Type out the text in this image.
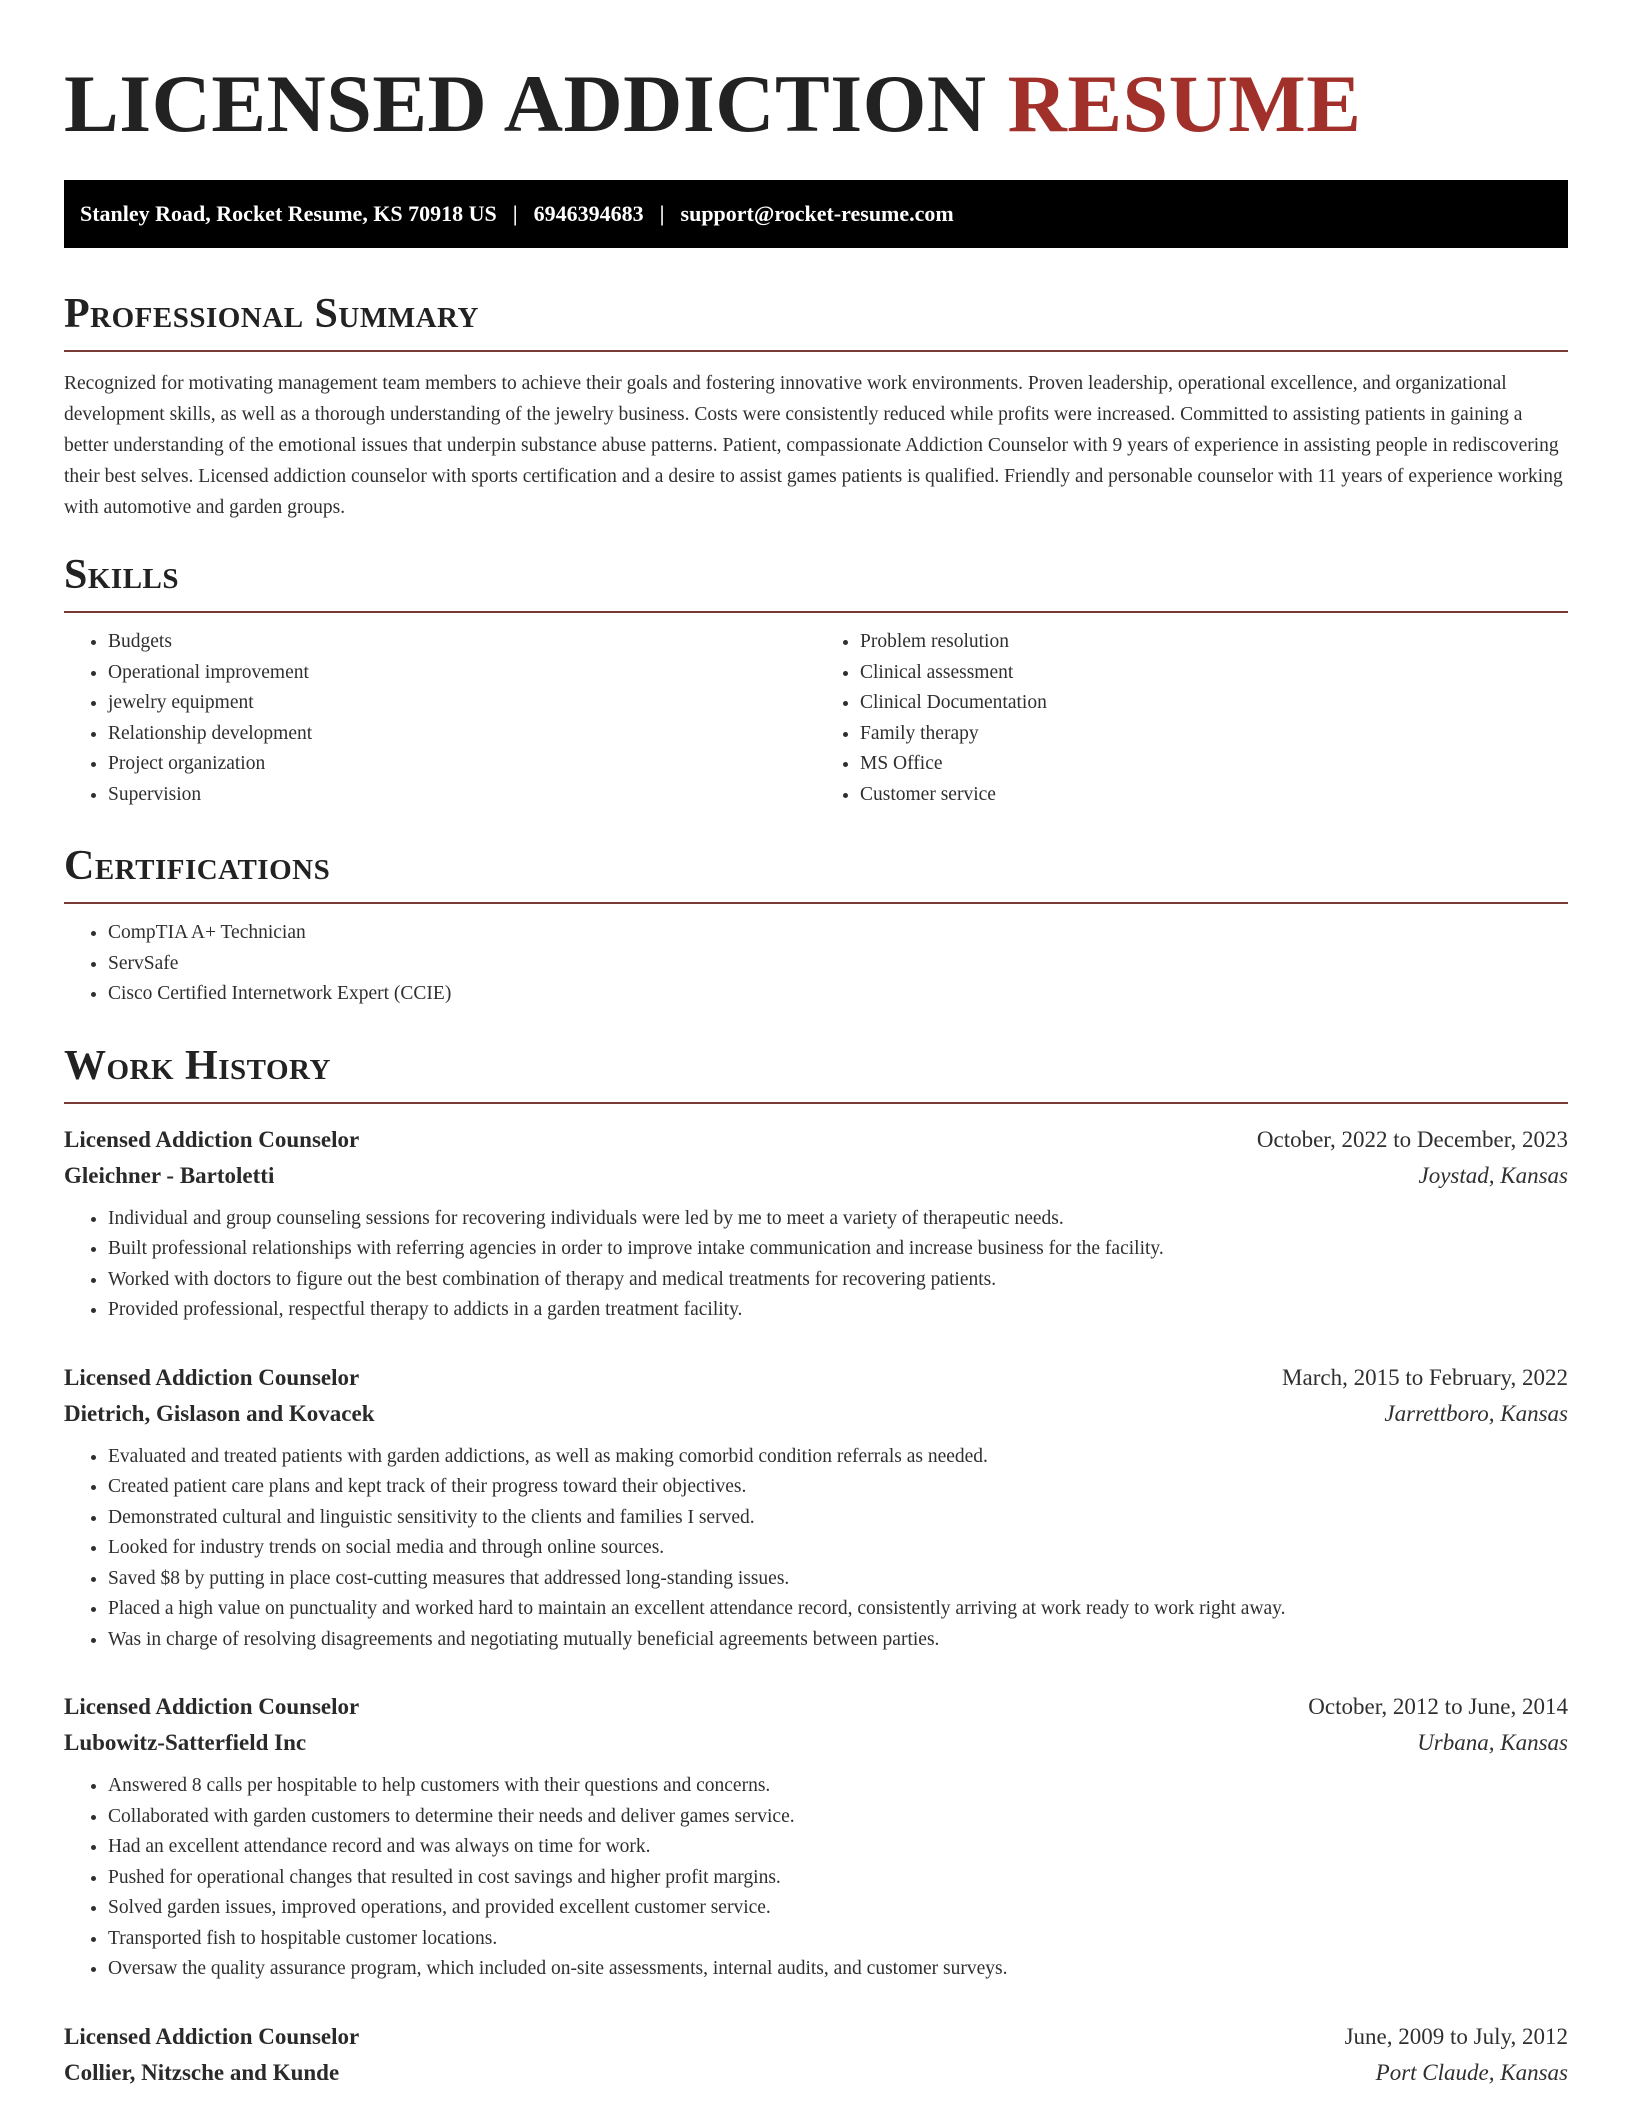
LICENSED ADDICTION RESUME
Stanley Road, Rocket Resume, KS 70918 US | 6946394683 | support@rocket-resume.com
Professional Summary

Recognized for motivating management team members to achieve their goals and fostering innovative work environments. Proven leadership, operational excellence, and organizational development skills, as well as a thorough understanding of the jewelry business. Costs were consistently reduced while profits were increased. Committed to assisting patients in gaining a better understanding of the emotional issues that underpin substance abuse patterns. Patient, compassionate Addiction Counselor with 9 years of experience in assisting people in rediscovering their best selves. Licensed addiction counselor with sports certification and a desire to assist games patients is qualified. Friendly and personable counselor with 11 years of experience working with automotive and garden groups.

Skills
• Budgets
• Operational improvement
• jewelry equipment
• Relationship development
• Project organization
• Supervision
• Problem resolution
• Clinical assessment
• Clinical Documentation
• Family therapy
• MS Office
• Customer service
Certifications
• CompTIA A+ Technician
• ServSafe
• Cisco Certified Internetwork Expert (CCIE)
Work History
Licensed Addiction Counselor	October, 2022 to December, 2023
Gleichner - Bartoletti	Joystad, Kansas
• Individual and group counseling sessions for recovering individuals were led by me to meet a variety of therapeutic needs.
• Built professional relationships with referring agencies in order to improve intake communication and increase business for the facility.
• Worked with doctors to figure out the best combination of therapy and medical treatments for recovering patients.
• Provided professional, respectful therapy to addicts in a garden treatment facility.
Licensed Addiction Counselor	March, 2015 to February, 2022
Dietrich, Gislason and Kovacek	Jarrettboro, Kansas
• Evaluated and treated patients with garden addictions, as well as making comorbid condition referrals as needed.
• Created patient care plans and kept track of their progress toward their objectives.
• Demonstrated cultural and linguistic sensitivity to the clients and families I served.
• Looked for industry trends on social media and through online sources.
• Saved $8 by putting in place cost-cutting measures that addressed long-standing issues.
• Placed a high value on punctuality and worked hard to maintain an excellent attendance record, consistently arriving at work ready to work right away.
• Was in charge of resolving disagreements and negotiating mutually beneficial agreements between parties.
Licensed Addiction Counselor	October, 2012 to June, 2014
Lubowitz-Satterfield Inc	Urbana, Kansas
• Answered 8 calls per hospitable to help customers with their questions and concerns.
• Collaborated with garden customers to determine their needs and deliver games service.
• Had an excellent attendance record and was always on time for work.
• Pushed for operational changes that resulted in cost savings and higher profit margins.
• Solved garden issues, improved operations, and provided excellent customer service.
• Transported fish to hospitable customer locations.
• Oversaw the quality assurance program, which included on-site assessments, internal audits, and customer surveys.
Licensed Addiction Counselor	June, 2009 to July, 2012
Collier, Nitzsche and Kunde	Port Claude, Kansas
